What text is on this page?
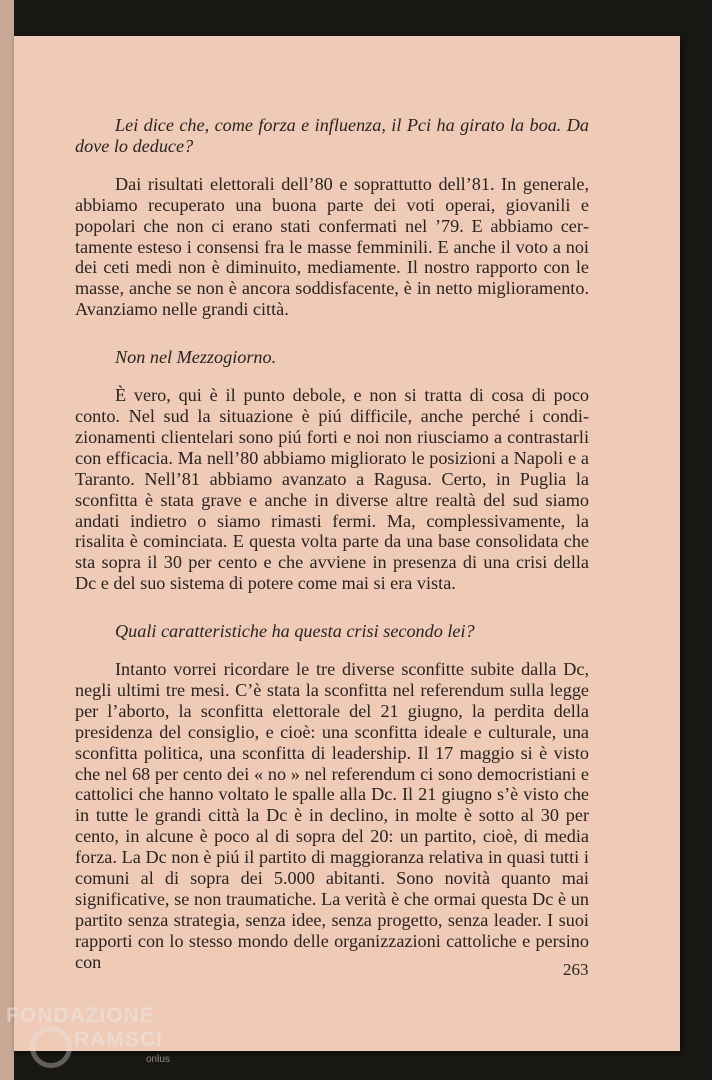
Lei dice che, come forza e influenza, il Pci ha girato la boa. Da dove lo deduce?

Dai risultati elettorali dell’80 e soprattutto dell’81. In generale, abbiamo recuperato una buona parte dei voti operai, giovanili e popolari che non ci erano stati confermati nel ’79. E abbiamo certamente esteso i consensi fra le masse femminili. E anche il voto a noi dei ceti medi non è diminuito, mediamente. Il nostro rapporto con le masse, anche se non è ancora soddisfacente, è in netto miglioramento. Avanziamo nelle grandi città.

Non nel Mezzogiorno.

È vero, qui è il punto debole, e non si tratta di cosa di poco conto. Nel sud la situazione è piú difficile, anche perché i condizionamenti clientelari sono piú forti e noi non riusciamo a contrastarli con efficacia. Ma nell’80 abbiamo migliorato le posizioni a Napoli e a Taranto. Nell’81 abbiamo avanzato a Ragusa. Certo, in Puglia la sconfitta è stata grave e anche in diverse altre realtà del sud siamo andati indietro o siamo rimasti fermi. Ma, complessivamente, la risalita è cominciata. E questa volta parte da una base consolidata che sta sopra il 30 per cento e che avviene in presenza di una crisi della Dc e del suo sistema di potere come mai si era vista.

Quali caratteristiche ha questa crisi secondo lei?

Intanto vorrei ricordare le tre diverse sconfitte subite dalla Dc, negli ultimi tre mesi. C’è stata la sconfitta nel referendum sulla legge per l’aborto, la sconfitta elettorale del 21 giugno, la perdita della presidenza del consiglio, e cioè: una sconfitta ideale e culturale, una sconfitta politica, una sconfitta di leadership. Il 17 maggio si è visto che nel 68 per cento dei « no » nel referendum ci sono democristiani e cattolici che hanno voltato le spalle alla Dc. Il 21 giugno s’è visto che in tutte le grandi città la Dc è in declino, in molte è sotto al 30 per cento, in alcune è poco al di sopra del 20: un partito, cioè, di media forza. La Dc non è piú il partito di maggioranza relativa in quasi tutti i comuni al di sopra dei 5.000 abitanti. Sono novità quanto mai significative, se non traumatiche. La verità è che ormai questa Dc è un partito senza strategia, senza idee, senza progetto, senza leader. I suoi rapporti con lo stesso mondo delle organizzazioni cattoliche e persino con	263
FONDAZIONE
RAMSCI
onlus
